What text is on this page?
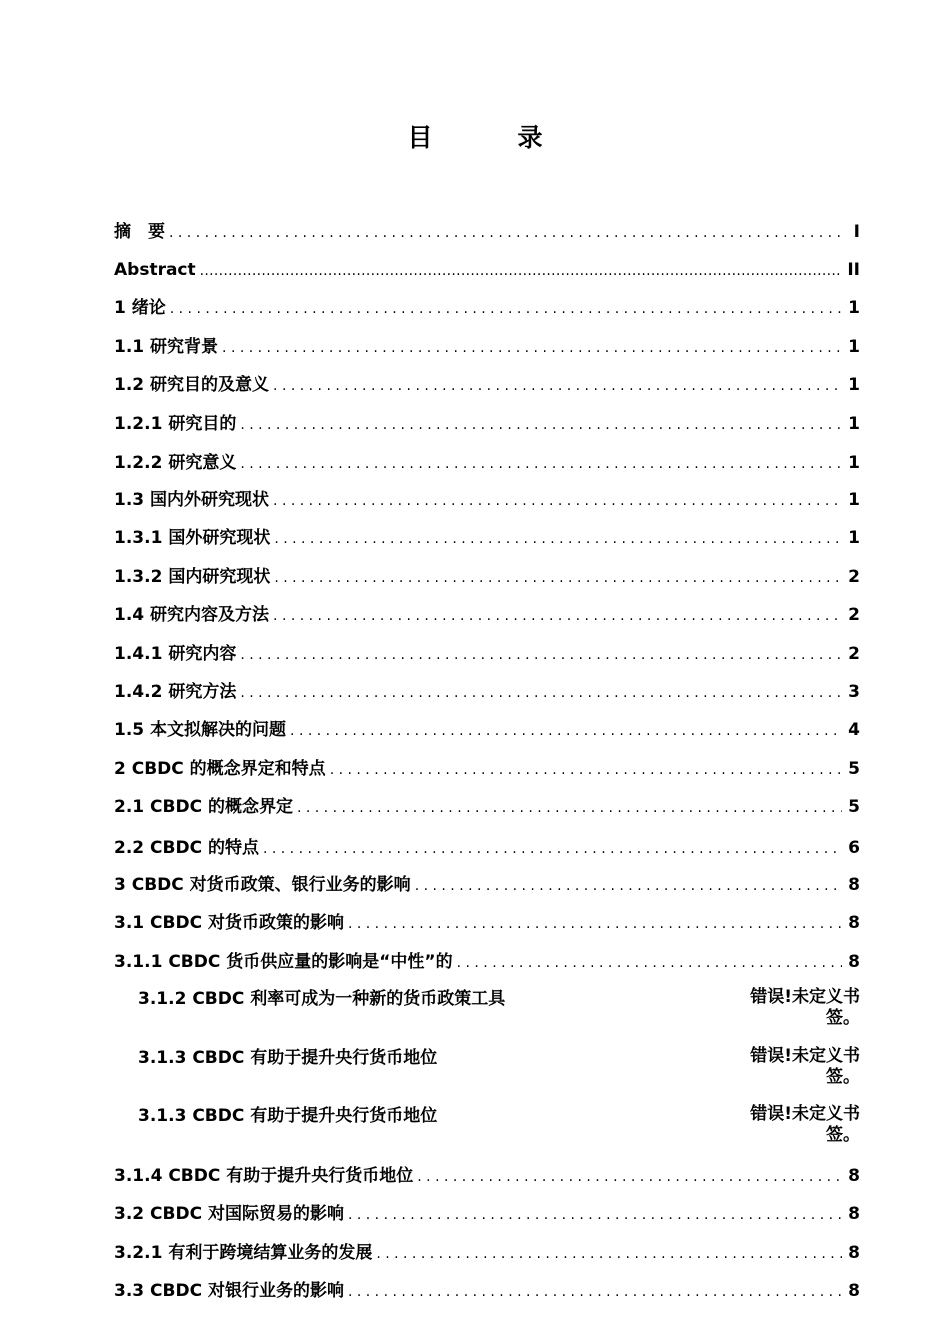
目　录
摘　要 . . .	I
Abstract .....	II
1 绪论 . . .	1
1.1 研究背景 . . .	1
1.2 研究目的及意义 . . .	1
1.2.1 研究目的 . . .	1
1.2.2 研究意义 . . .	1
1.3 国内外研究现状 . . .	1
1.3.1 国外研究现状 . . .	1
1.3.2 国内研究现状 . . .	2
1.4 研究内容及方法 . . .	2
1.4.1 研究内容 . . .	2
1.4.2 研究方法 . . .	3
1.5 本文拟解决的问题 . . .	4
2 CBDC 的概念界定和特点 . . .	5
2.1 CBDC 的概念界定 . . .	5
2.2 CBDC 的特点 . . .	6
3 CBDC 对货币政策、银行业务的影响 . . .	8
3.1 CBDC 对货币政策的影响 . . .	8
3.1.1 CBDC 货币供应量的影响是“中性”的 . . .	8
3.1.2 CBDC 利率可成为一种新的货币政策工具	错误!未定义书签。
3.1.3 CBDC 有助于提升央行货币地位	错误!未定义书签。
3.1.3 CBDC 有助于提升央行货币地位	错误!未定义书签。
3.1.4 CBDC 有助于提升央行货币地位 . . .	8
3.2 CBDC 对国际贸易的影响 . . .	8
3.2.1 有利于跨境结算业务的发展 . . .	8
3.3 CBDC 对银行业务的影响 . . .	8
